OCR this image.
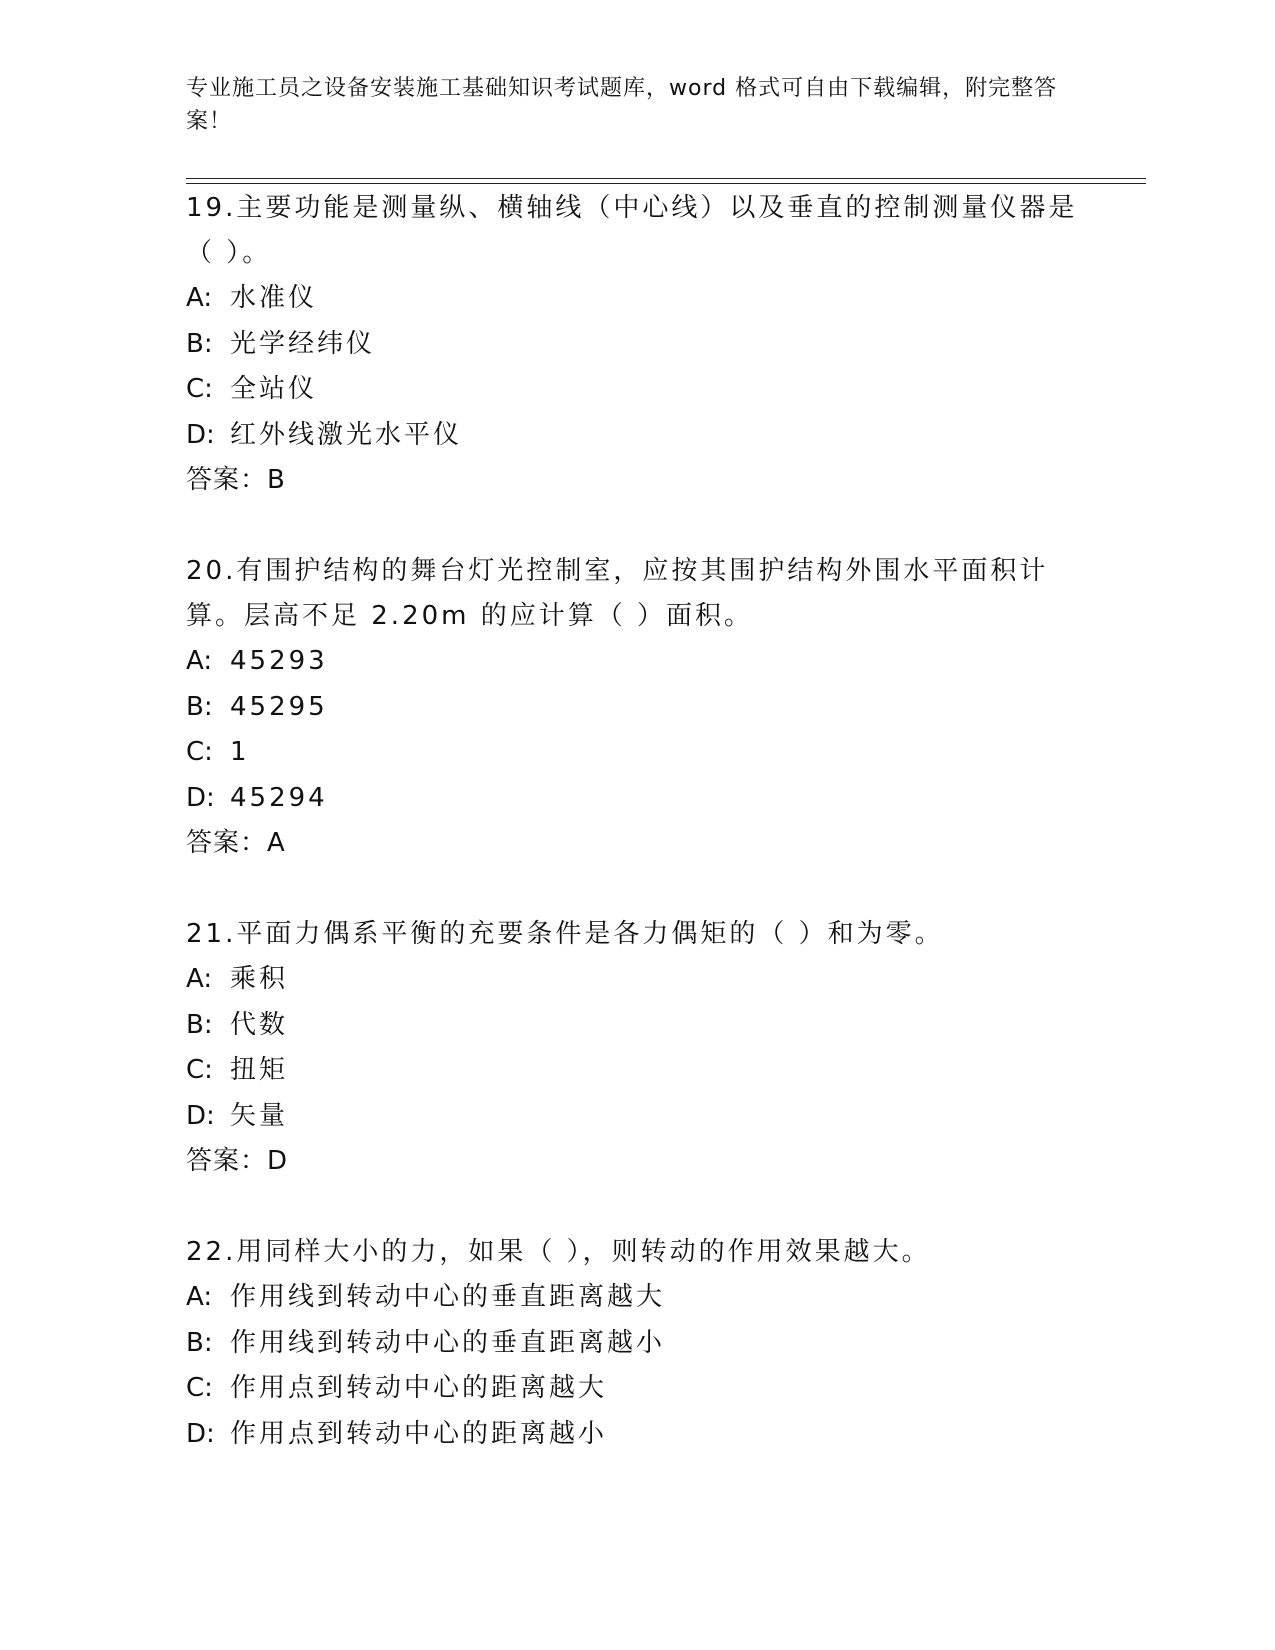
专业施工员之设备安装施工基础知识考试题库，word 格式可自由下载编辑，附完整答案！

19.主要功能是测量纵、横轴线（中心线）以及垂直的控制测量仪器是（ ）。

A: 水准仪

B: 光学经纬仪

C: 全站仪

D: 红外线激光水平仪

答案：B

20.有围护结构的舞台灯光控制室，应按其围护结构外围水平面积计算。层高不足 2.20m 的应计算（ ）面积。

A: 45293

B: 45295

C: 1

D: 45294

答案：A

21.平面力偶系平衡的充要条件是各力偶矩的（ ）和为零。

A: 乘积

B: 代数

C: 扭矩

D: 矢量

答案：D

22.用同样大小的力，如果（ ），则转动的作用效果越大。

A: 作用线到转动中心的垂直距离越大

B: 作用线到转动中心的垂直距离越小

C: 作用点到转动中心的距离越大

D: 作用点到转动中心的距离越小
